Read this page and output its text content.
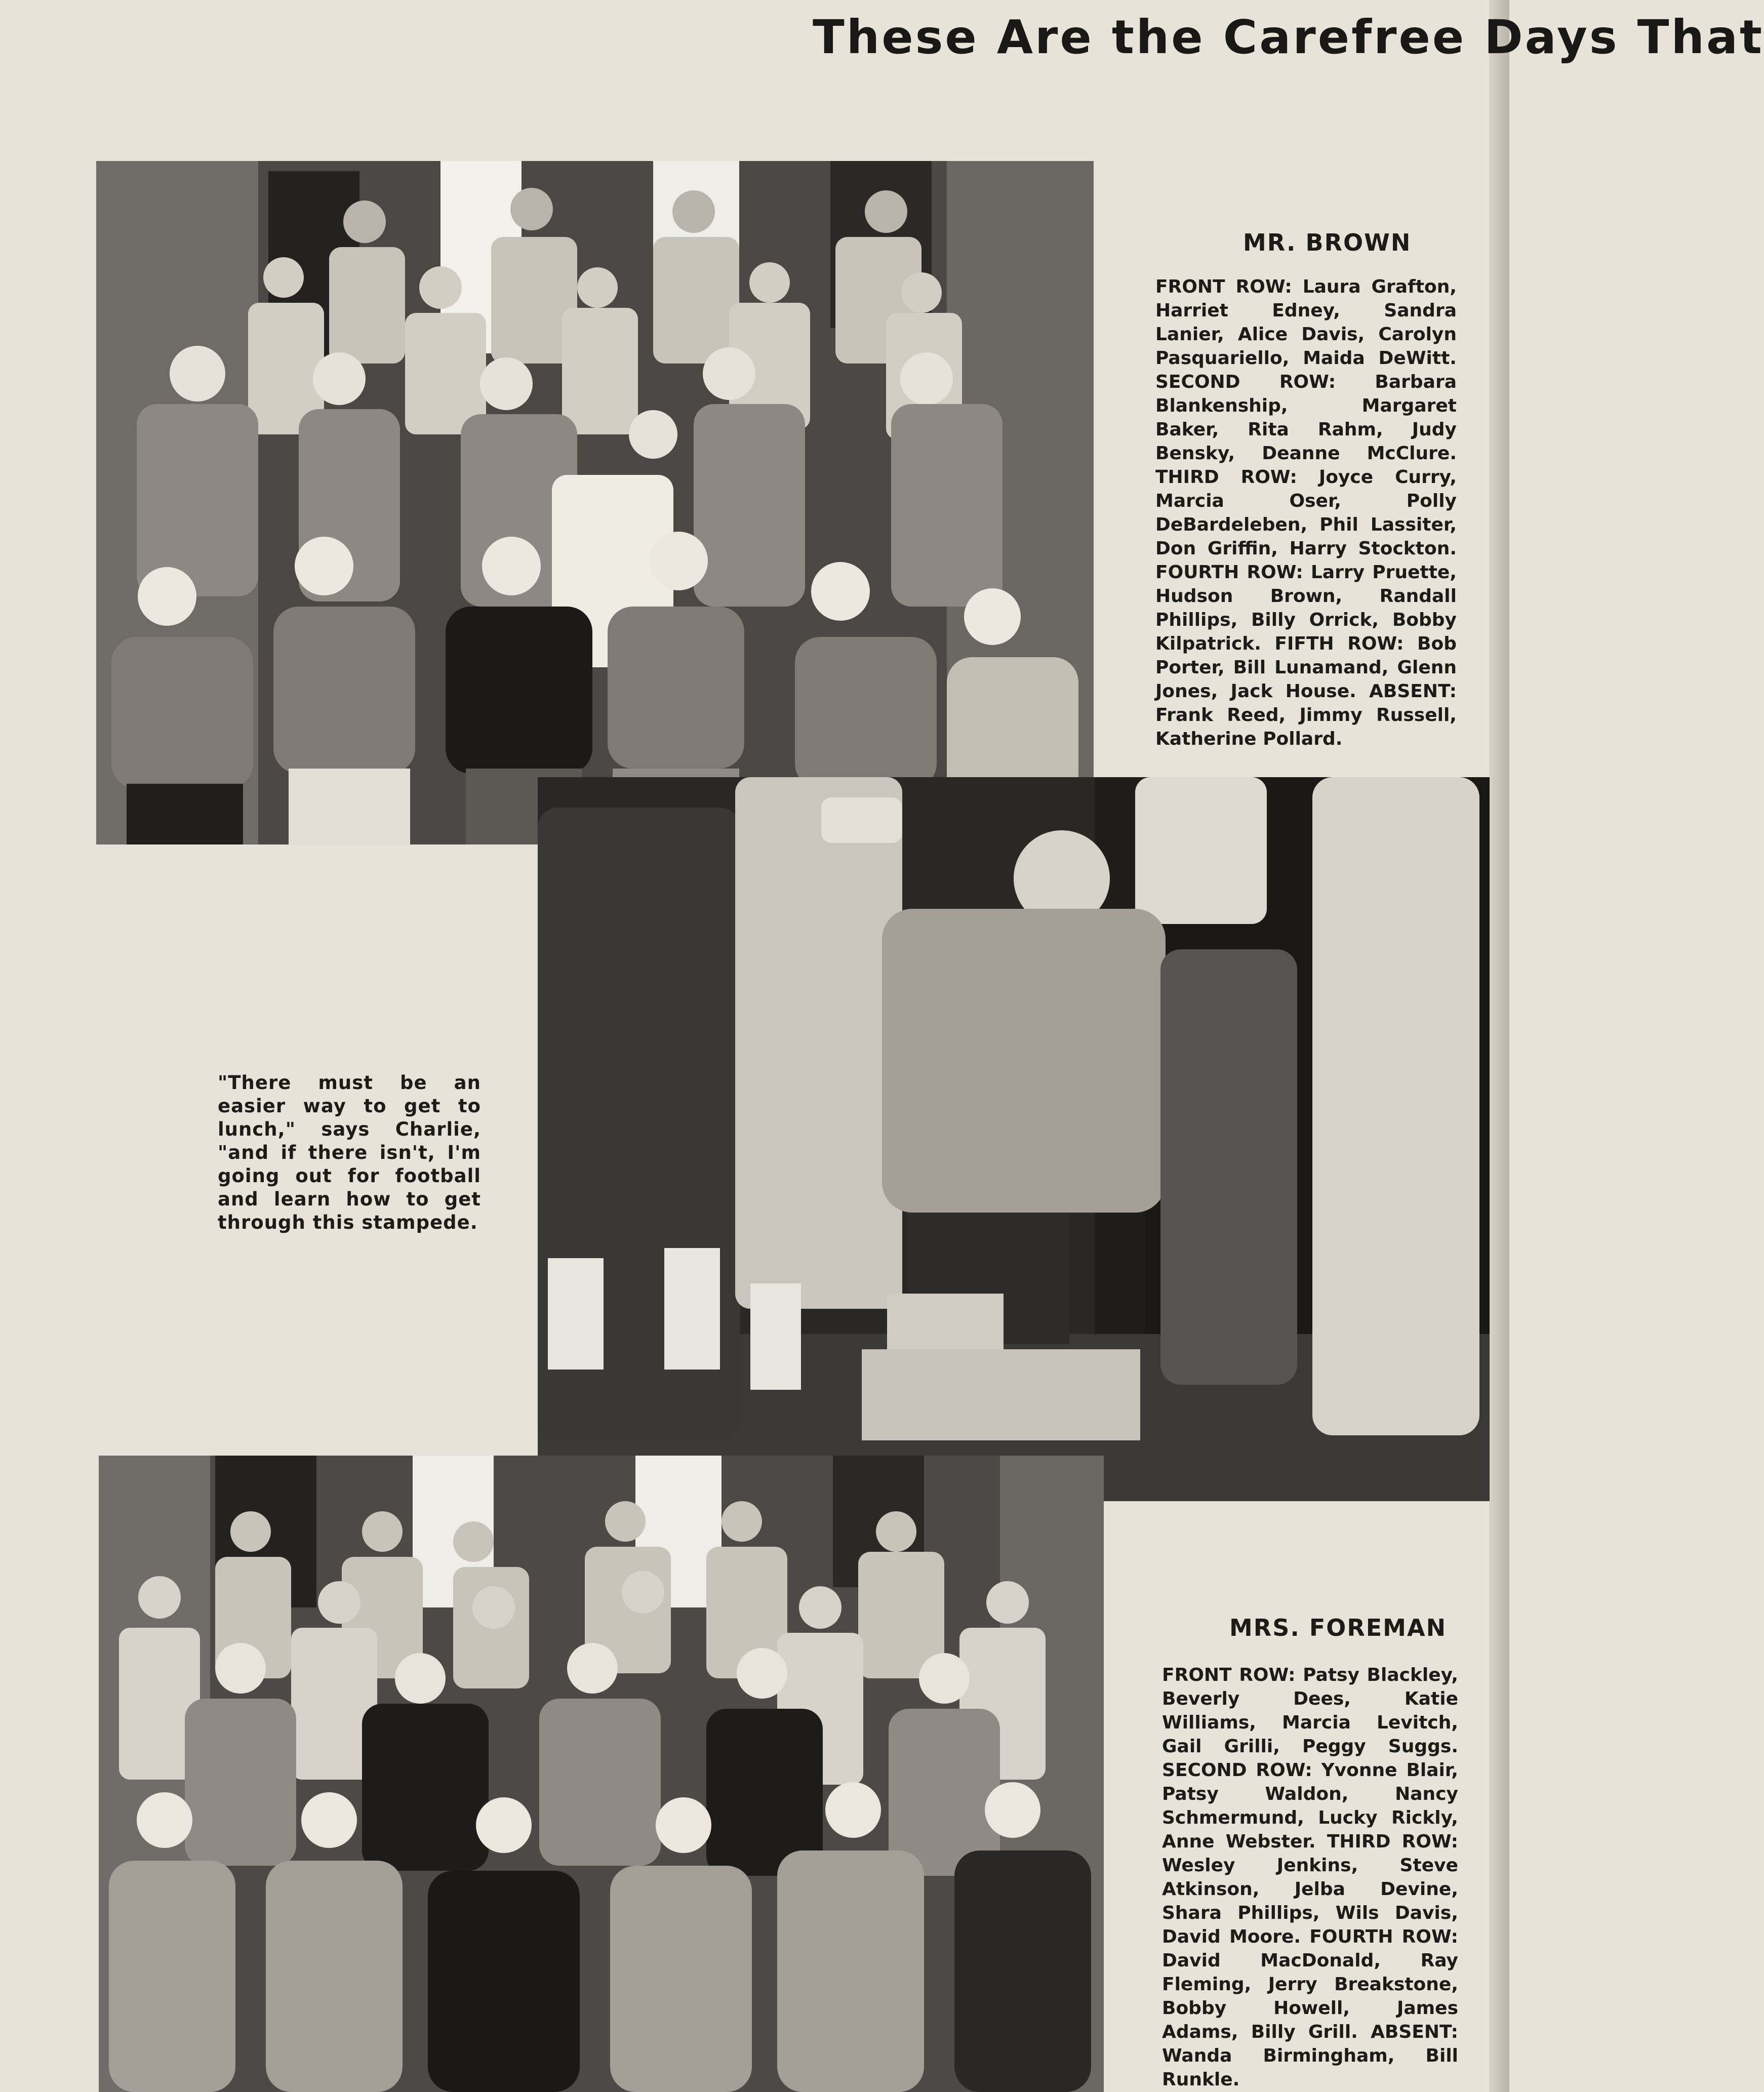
These Are the Carefree Days That
MR. BROWN
FRONT ROW: Laura Grafton, Harriet Edney, Sandra Lanier, Alice Davis, Carolyn Pasquariello, Maida DeWitt. SECOND ROW: Barbara Blankenship, Margaret Baker, Rita Rahm, Judy Bensky, Deanne McClure. THIRD ROW: Joyce Curry, Marcia Oser, Polly DeBardeleben, Phil Lassiter, Don Griffin, Harry Stockton. FOURTH ROW: Larry Pruette, Hudson Brown, Randall Phillips, Billy Orrick, Bobby Kilpatrick. FIFTH ROW: Bob Porter, Bill Lunamand, Glenn Jones, Jack House. ABSENT: Frank Reed, Jimmy Russell, Katherine Pollard.
"There must be an easier way to get to lunch," says Charlie, "and if there isn't, I'm going out for football and learn how to get through this stampede.
MRS. FOREMAN
FRONT ROW: Patsy Blackley, Beverly Dees, Katie Williams, Marcia Levitch, Gail Grilli, Peggy Suggs. SECOND ROW: Yvonne Blair, Patsy Waldon, Nancy Schmermund, Lucky Rickly, Anne Webster. THIRD ROW: Wesley Jenkins, Steve Atkinson, Jelba Devine, Shara Phillips, Wils Davis, David Moore. FOURTH ROW: David MacDonald, Ray Fleming, Jerry Breakstone, Bobby Howell, James Adams, Billy Grill. ABSENT: Wanda Birmingham, Bill Runkle.
